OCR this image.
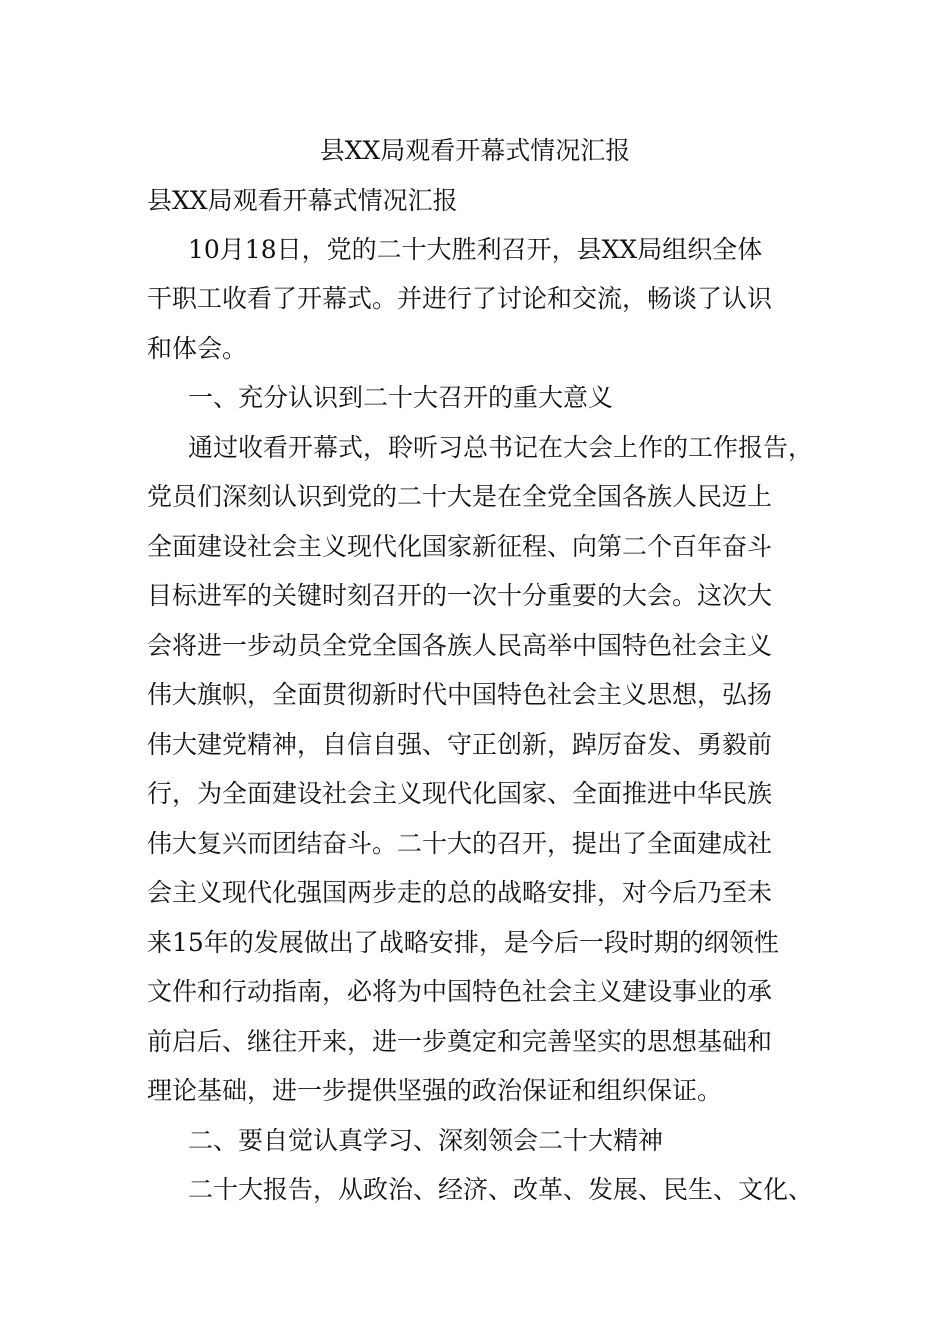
县XX局观看开幕式情况汇报
县XX局观看开幕式情况汇报
10月18日，党的二十大胜利召开，县XX局组织全体
干职工收看了开幕式。并进行了讨论和交流，畅谈了认识
和体会。
一、充分认识到二十大召开的重大意义
通过收看开幕式，聆听习总书记在大会上作的工作报告，
党员们深刻认识到党的二十大是在全党全国各族人民迈上
全面建设社会主义现代化国家新征程、向第二个百年奋斗
目标进军的关键时刻召开的一次十分重要的大会。这次大
会将进一步动员全党全国各族人民高举中国特色社会主义
伟大旗帜，全面贯彻新时代中国特色社会主义思想，弘扬
伟大建党精神，自信自强、守正创新，踔厉奋发、勇毅前
行，为全面建设社会主义现代化国家、全面推进中华民族
伟大复兴而团结奋斗。二十大的召开，提出了全面建成社
会主义现代化强国两步走的总的战略安排，对今后乃至未
来15年的发展做出了战略安排，是今后一段时期的纲领性
文件和行动指南，必将为中国特色社会主义建设事业的承
前启后、继往开来，进一步奠定和完善坚实的思想基础和
理论基础，进一步提供坚强的政治保证和组织保证。
二、要自觉认真学习、深刻领会二十大精神
二十大报告，从政治、经济、改革、发展、民生、文化、
